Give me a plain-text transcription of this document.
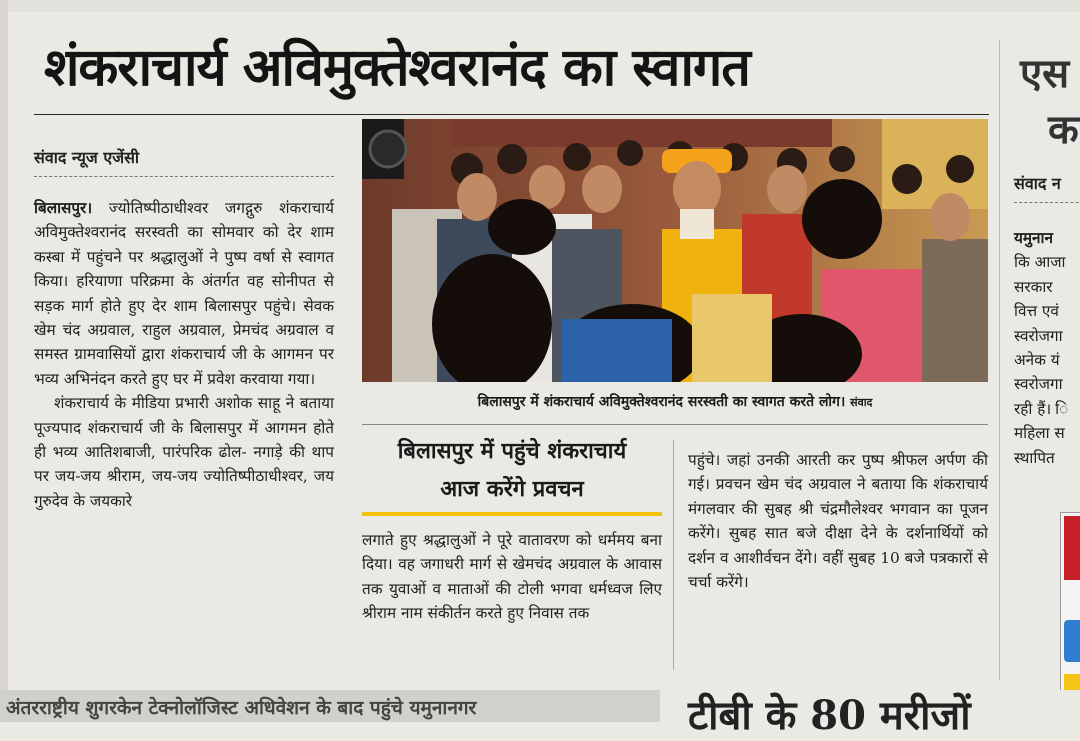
शंकराचार्य अविमुक्तेश्वरानंद का स्वागत
संवाद न्यूज एजेंसी

बिलासपुर। ज्योतिष्पीठाधीश्वर जगद्गुरु शंकराचार्य अविमुक्तेश्वरानंद सरस्वती का सोमवार को देर शाम कस्बा में पहुंचने पर श्रद्धालुओं ने पुष्प वर्षा से स्वागत किया। हरियाणा परिक्रमा के अंतर्गत वह सोनीपत से सड़क मार्ग होते हुए देर शाम बिलासपुर पहुंचे। सेवक खेम चंद अग्रवाल, राहुल अग्रवाल, प्रेमचंद अग्रवाल व समस्त ग्रामवासियों द्वारा शंकराचार्य जी के आगमन पर भव्य अभिनंदन करते हुए घर में प्रवेश करवाया गया।

शंकराचार्य के मीडिया प्रभारी अशोक साहू ने बताया पूज्यपाद शंकराचार्य जी के बिलासपुर में आगमन होते ही भव्य आतिशबाजी, पारंपरिक ढोल- नगाड़े की थाप पर जय-जय श्रीराम, जय-जय ज्योतिष्पीठाधीश्वर, जय गुरुदेव के जयकारे

बिलासपुर में शंकराचार्य अविमुक्तेश्वरानंद सरस्वती का स्वागत करते लोग। संवाद
बिलासपुर में पहुंचे शंकराचार्य
आज करेंगे प्रवचन
लगाते हुए श्रद्धालुओं ने पूरे वातावरण को धर्ममय बना दिया। वह जगाधरी मार्ग से खेमचंद अग्रवाल के आवास तक युवाओं व माताओं की टोली भगवा धर्मध्वज लिए श्रीराम नाम संकीर्तन करते हुए निवास तक
पहुंचे। जहां उनकी आरती कर पुष्प श्रीफल अर्पण की गई। प्रवचन खेम चंद अग्रवाल ने बताया कि शंकराचार्य मंगलवार की सुबह श्री चंद्रमौलेश्वर भगवान का पूजन करेंगे। सुबह सात बजे दीक्षा देने के दर्शनार्थियों को दर्शन व आशीर्वचन देंगे। वहीं सुबह 10 बजे पत्रकारों से चर्चा करेंगे।
एस
क
संवाद न
यमुनान
कि आजा
सरकार
वित्त एवं
स्वरोजगा
अनेक यं
स्वरोजगा
रही हैं। ि
महिला स
स्थापित
अंतरराष्ट्रीय शुगरकेन टेक्नोलॉजिस्ट अधिवेशन के बाद पहुंचे यमुनानगर	टीबी के 80 मरीजों
